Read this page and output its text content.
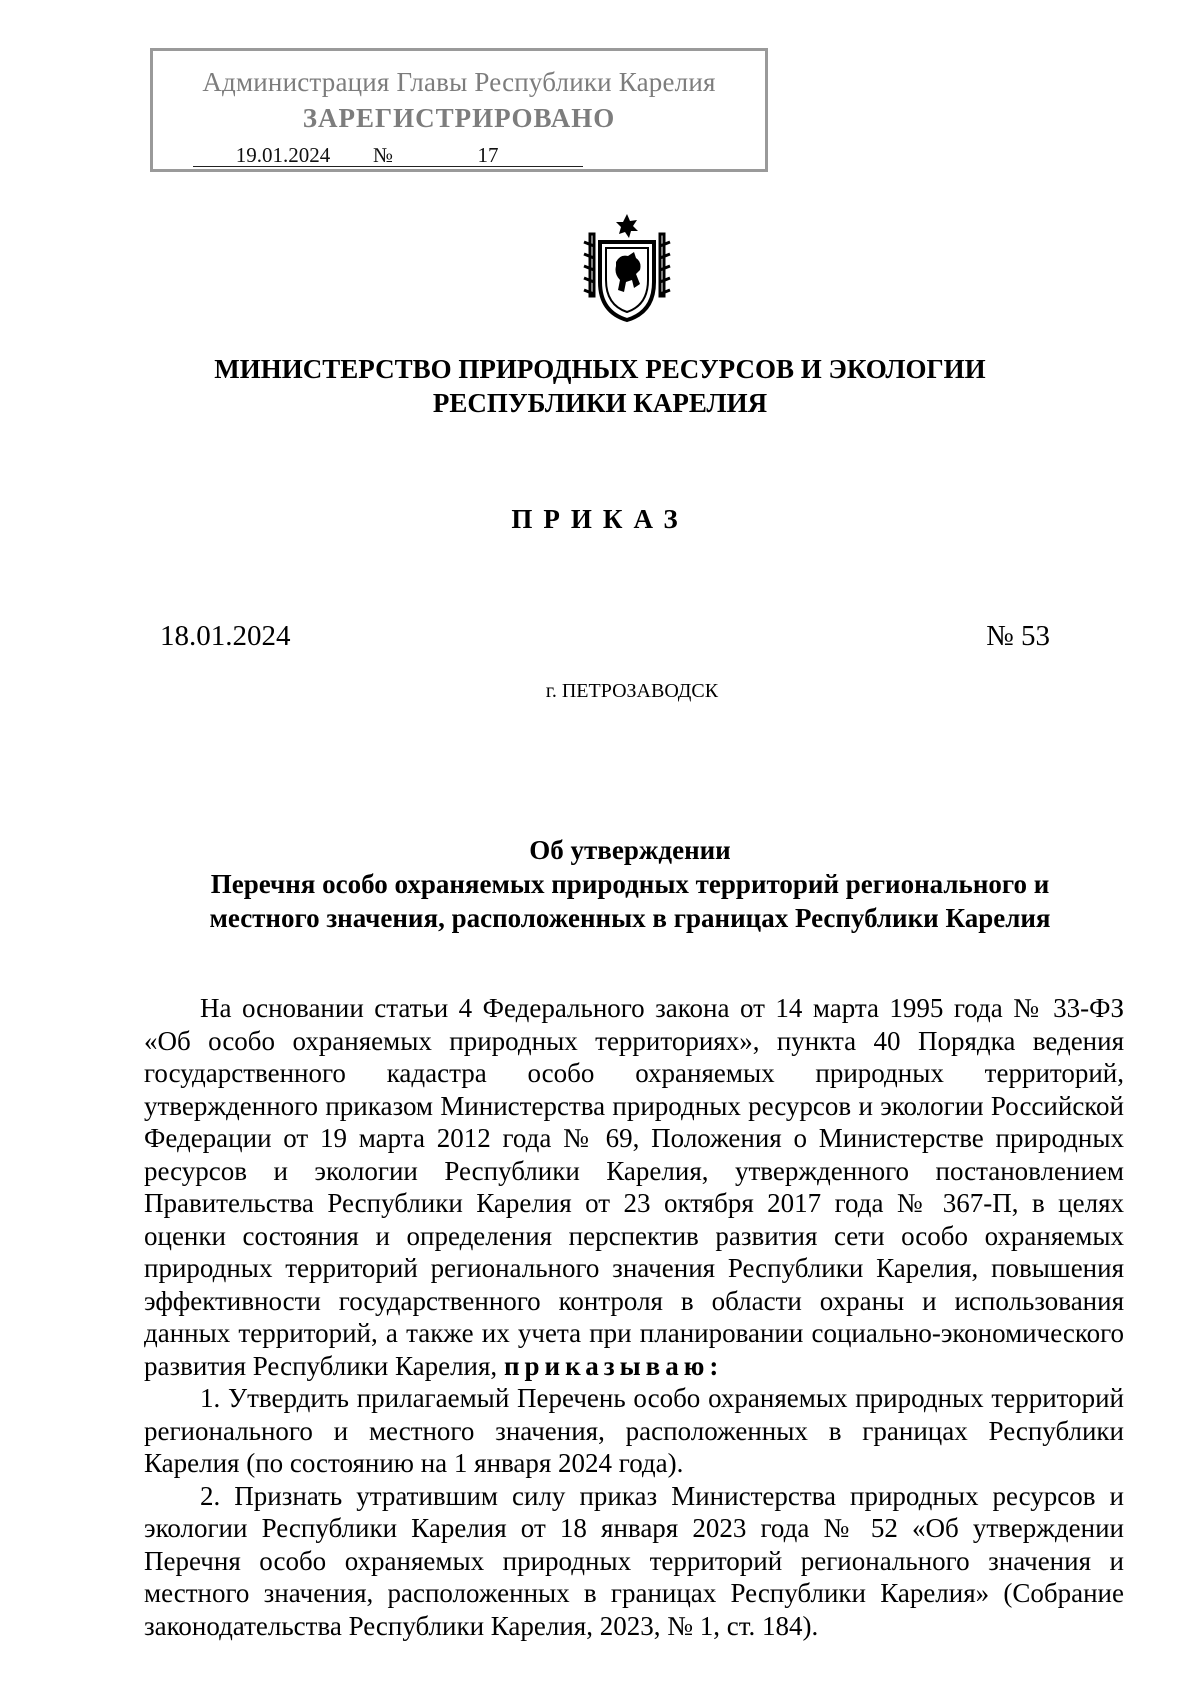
Администрация Главы Республики Карелия
ЗАРЕГИСТРИРОВАНО
19.01.2024 №	17
МИНИСТЕРСТВО ПРИРОДНЫХ РЕСУРСОВ И ЭКОЛОГИИ
РЕСПУБЛИКИ КАРЕЛИЯ
ПРИКАЗ
18.01.2024	№ 53
г. ПЕТРОЗАВОДСК
Об утверждении
Перечня особо охраняемых природных территорий регионального и
местного значения, расположенных в границах Республики Карелия

На основании статьи 4 Федерального закона от 14 марта 1995 года № 33-ФЗ «Об особо охраняемых природных территориях», пункта 40 Порядка ведения государственного кадастра особо охраняемых природных территорий, утвержденного приказом Министерства природных ресурсов и экологии Российской Федерации от 19 марта 2012 года № 69, Положения о Министерстве природных ресурсов и экологии Республики Карелия, утвержденного постановлением Правительства Республики Карелия от 23 октября 2017 года № 367-П, в целях оценки состояния и определения перспектив развития сети особо охраняемых природных территорий регионального значения Республики Карелия, повышения эффективности государственного контроля в области охраны и использования данных территорий, а также их учета при планировании социально-экономического развития Республики Карелия, приказываю:

1. Утвердить прилагаемый Перечень особо охраняемых природных территорий регионального и местного значения, расположенных в границах Республики Карелия (по состоянию на 1 января 2024 года).

2. Признать утратившим силу приказ Министерства природных ресурсов и экологии Республики Карелия от 18 января 2023 года № 52 «Об утверждении Перечня особо охраняемых природных территорий регионального значения и местного значения, расположенных в границах Республики Карелия» (Собрание законодательства Республики Карелия, 2023, № 1, ст. 184).
